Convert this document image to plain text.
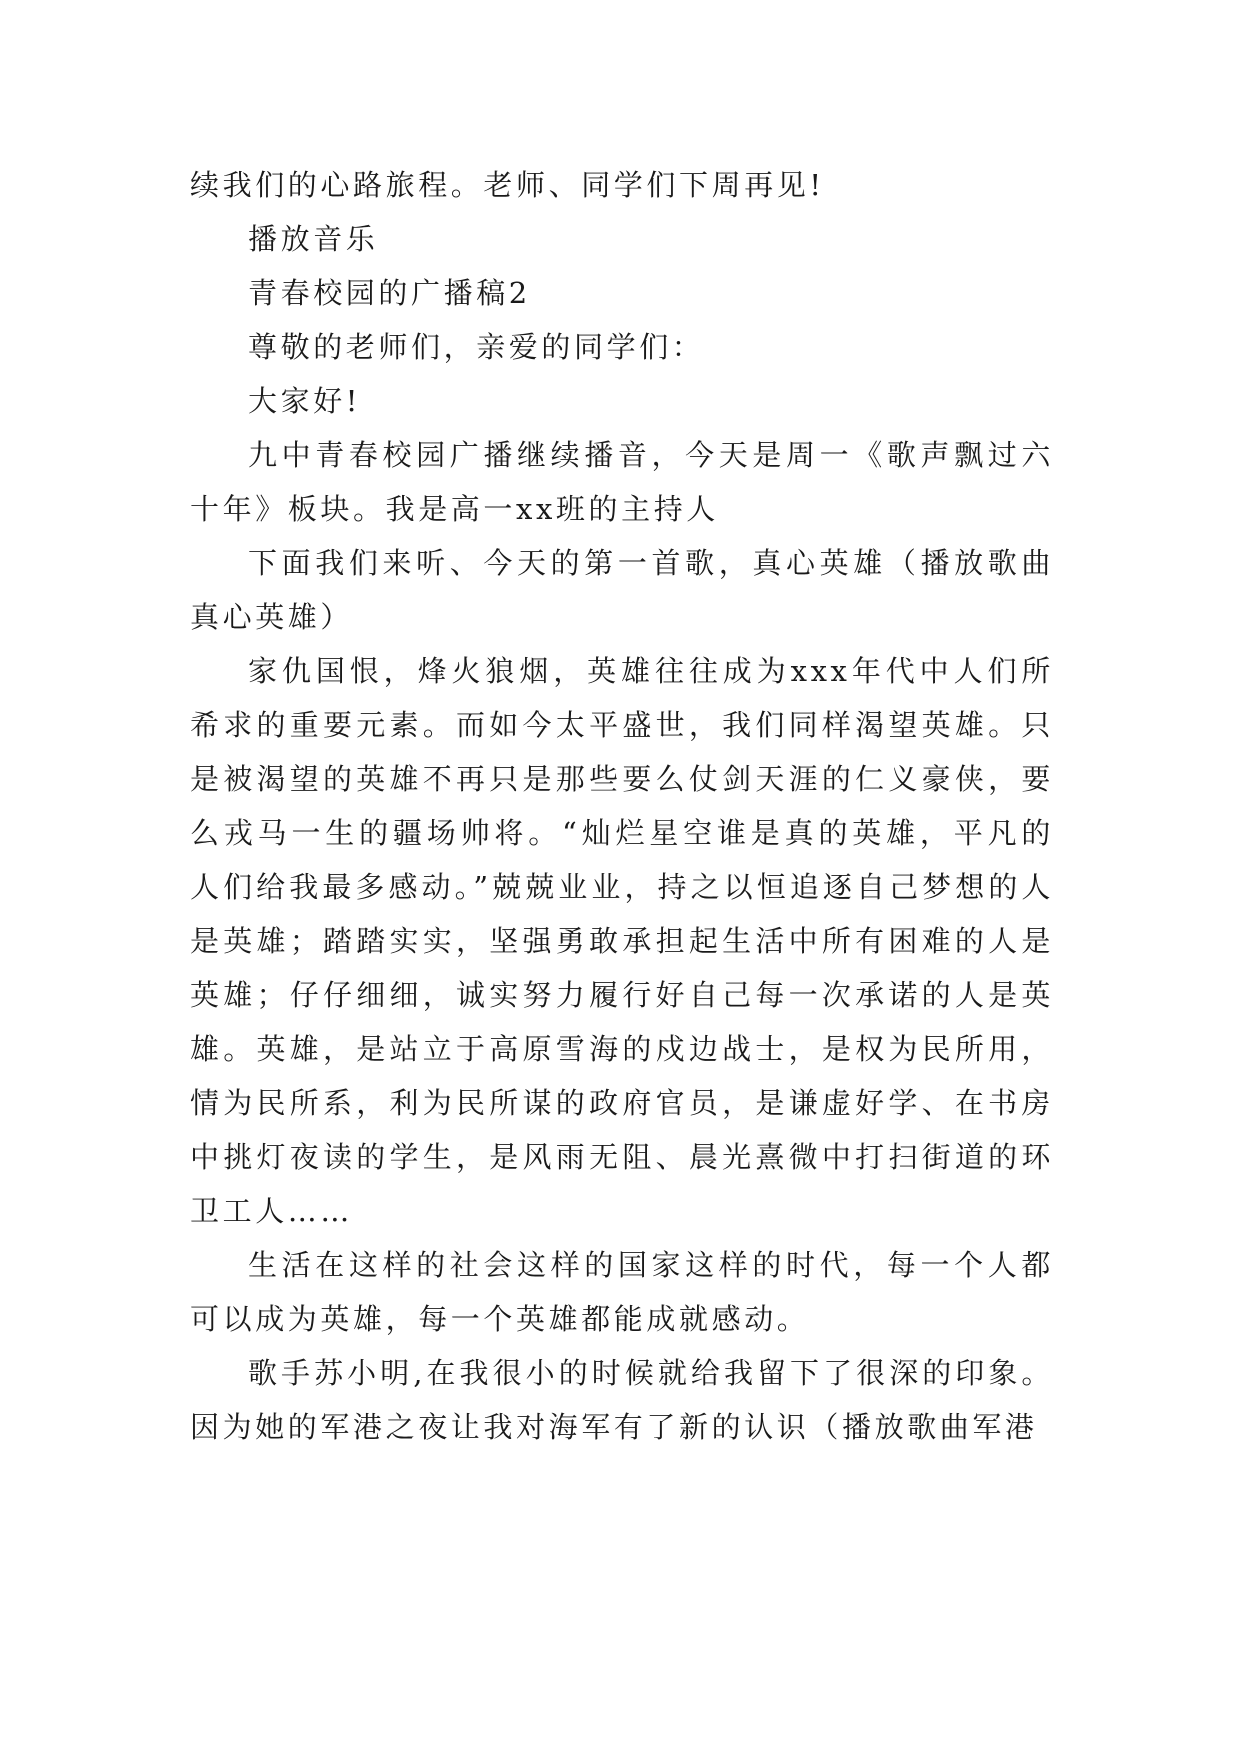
续我们的心路旅程。老师、同学们下周再见!

播放音乐

青春校园的广播稿2

尊敬的老师们，亲爱的同学们：

大家好!

九中青春校园广播继续播音，今天是周一《歌声飘过六十年》板块。我是高一xx班的主持人

下面我们来听、今天的第一首歌，真心英雄（播放歌曲真心英雄）

家仇国恨，烽火狼烟，英雄往往成为xxx年代中人们所希求的重要元素。而如今太平盛世，我们同样渴望英雄。只是被渴望的英雄不再只是那些要么仗剑天涯的仁义豪侠，要么戎马一生的疆场帅将。“灿烂星空谁是真的英雄，平凡的人们给我最多感动。”兢兢业业，持之以恒追逐自己梦想的人是英雄；踏踏实实，坚强勇敢承担起生活中所有困难的人是英雄；仔仔细细，诚实努力履行好自己每一次承诺的人是英雄。英雄，是站立于高原雪海的戍边战士，是权为民所用，情为民所系，利为民所谋的政府官员，是谦虚好学、在书房中挑灯夜读的学生，是风雨无阻、晨光熹微中打扫街道的环卫工人……

生活在这样的社会这样的国家这样的时代，每一个人都可以成为英雄，每一个英雄都能成就感动。

歌手苏小明,在我很小的时候就给我留下了很深的印象。因为她的军港之夜让我对海军有了新的认识（播放歌曲军港
